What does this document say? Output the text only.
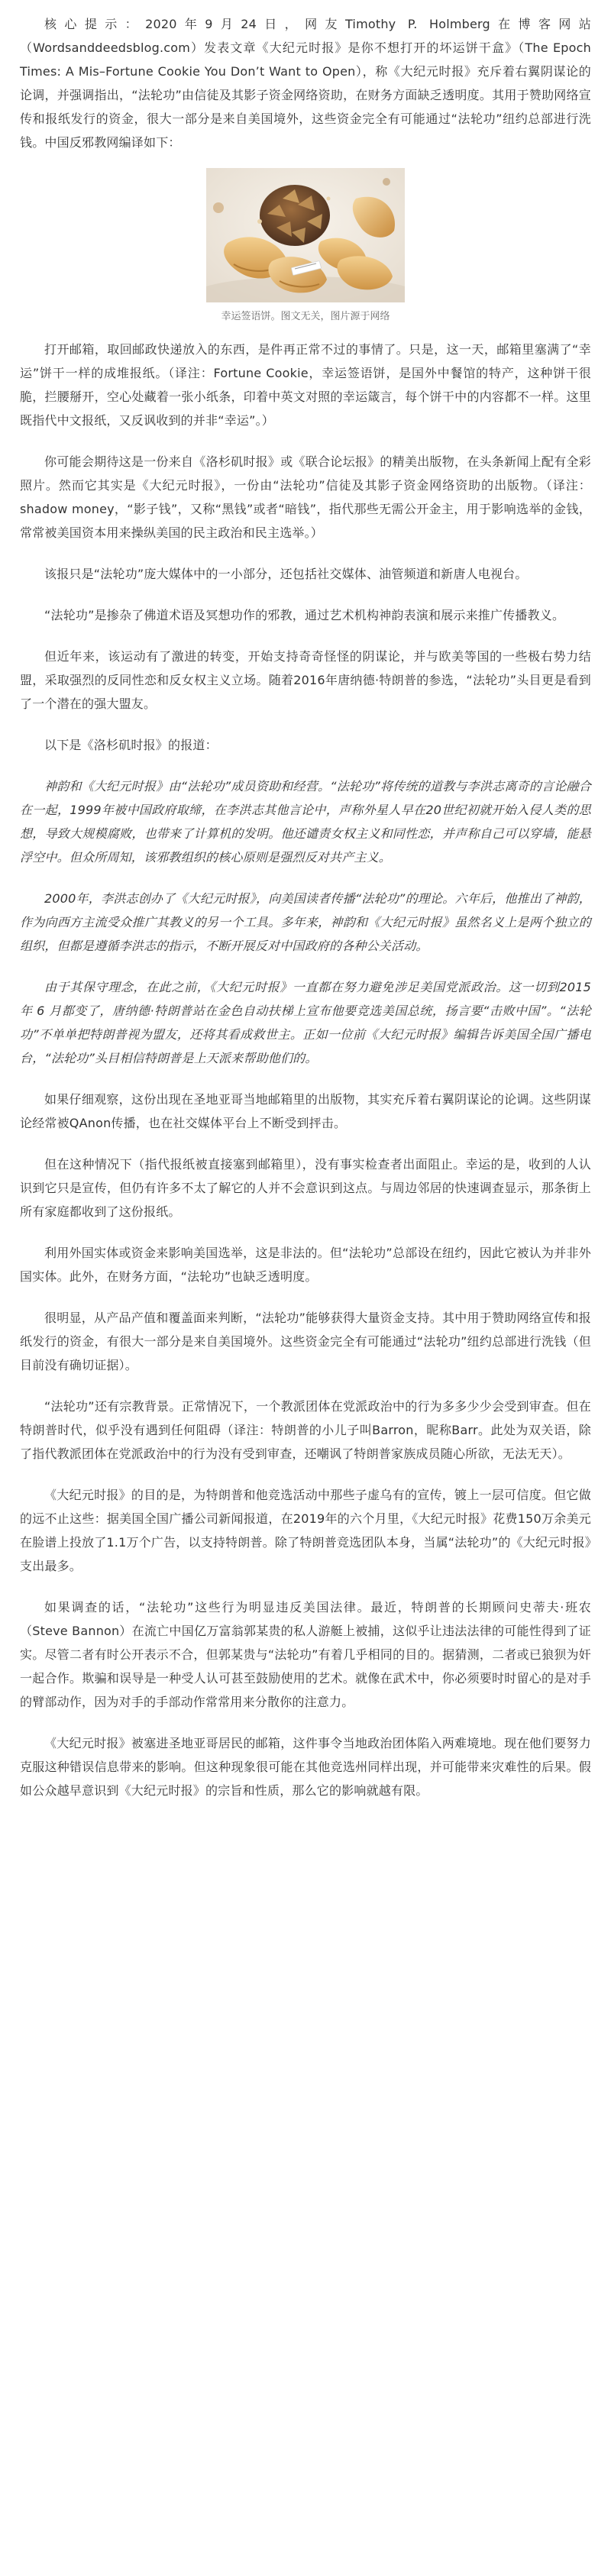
核心提示：2020年9月24日，网友Timothy P. Holmberg在博客网站（Wordsanddeedsblog.com）发表文章《大纪元时报》是你不想打开的坏运饼干盒》（The Epoch Times: A Mis–Fortune Cookie You Don’t Want to Open），称《大纪元时报》充斥着右翼阴谋论的论调，并强调指出，“法轮功”由信徒及其影子资金网络资助，在财务方面缺乏透明度。其用于赞助网络宣传和报纸发行的资金，很大一部分是来自美国境外，这些资金完全有可能通过“法轮功”纽约总部进行洗钱。中国反邪教网编译如下：

幸运签语饼。图文无关，图片源于网络

打开邮箱，取回邮政快递放入的东西，是件再正常不过的事情了。只是，这一天，邮箱里塞满了“幸运”饼干一样的成堆报纸。（译注：Fortune Cookie，幸运签语饼，是国外中餐馆的特产，这种饼干很脆，拦腰掰开，空心处藏着一张小纸条，印着中英文对照的幸运箴言，每个饼干中的内容都不一样。这里既指代中文报纸，又反讽收到的并非“幸运”。）

你可能会期待这是一份来自《洛杉矶时报》或《联合论坛报》的精美出版物，在头条新闻上配有全彩照片。然而它其实是《大纪元时报》，一份由“法轮功”信徒及其影子资金网络资助的出版物。（译注：shadow money，“影子钱”，又称“黑钱”或者“暗钱”，指代那些无需公开金主，用于影响选举的金钱，常常被美国资本用来操纵美国的民主政治和民主选举。）

该报只是“法轮功”庞大媒体中的一小部分，还包括社交媒体、油管频道和新唐人电视台。

“法轮功”是掺杂了佛道术语及冥想功作的邪教，通过艺术机构神韵表演和展示来推广传播教义。

但近年来，该运动有了激进的转变，开始支持奇奇怪怪的阴谋论，并与欧美等国的一些极右势力结盟，采取强烈的反同性恋和反女权主义立场。随着2016年唐纳德·特朗普的参选，“法轮功”头目更是看到了一个潜在的强大盟友。

以下是《洛杉矶时报》的报道：

神韵和《大纪元时报》由“法轮功”成员资助和经营。“法轮功”将传统的道教与李洪志离奇的言论融合在一起，1999年被中国政府取缔，在李洪志其他言论中，声称外星人早在20世纪初就开始入侵人类的思想，导致大规模腐败，也带来了计算机的发明。他还谴责女权主义和同性恋，并声称自己可以穿墙，能悬浮空中。但众所周知，该邪教组织的核心原则是强烈反对共产主义。

2000年，李洪志创办了《大纪元时报》，向美国读者传播“法轮功”的理论。六年后，他推出了神韵，作为向西方主流受众推广其教义的另一个工具。多年来，神韵和《大纪元时报》虽然名义上是两个独立的组织，但都是遵循李洪志的指示，不断开展反对中国政府的各种公关活动。

由于其保守理念，在此之前，《大纪元时报》一直都在努力避免涉足美国党派政治。这一切到2015 年 6 月都变了，唐纳德·特朗普站在金色自动扶梯上宣布他要竞选美国总统，扬言要“击败中国”。“法轮功”不单单把特朗普视为盟友，还将其看成救世主。正如一位前《大纪元时报》编辑告诉美国全国广播电台，“法轮功”头目相信特朗普是上天派来帮助他们的。

如果仔细观察，这份出现在圣地亚哥当地邮箱里的出版物，其实充斥着右翼阴谋论的论调。这些阴谋论经常被QAnon传播，也在社交媒体平台上不断受到抨击。

但在这种情况下（指代报纸被直接塞到邮箱里），没有事实检查者出面阻止。幸运的是，收到的人认识到它只是宣传，但仍有许多不太了解它的人并不会意识到这点。与周边邻居的快速调查显示，那条街上所有家庭都收到了这份报纸。

利用外国实体或资金来影响美国选举，这是非法的。但“法轮功”总部设在纽约，因此它被认为并非外国实体。此外，在财务方面，“法轮功”也缺乏透明度。

很明显，从产品产值和覆盖面来判断，“法轮功”能够获得大量资金支持。其中用于赞助网络宣传和报纸发行的资金，有很大一部分是来自美国境外。这些资金完全有可能通过“法轮功”纽约总部进行洗钱（但目前没有确切证据）。

“法轮功”还有宗教背景。正常情况下，一个教派团体在党派政治中的行为多多少少会受到审查。但在特朗普时代，似乎没有遇到任何阻碍（译注：特朗普的小儿子叫Barron，昵称Barr。此处为双关语，除了指代教派团体在党派政治中的行为没有受到审查，还嘲讽了特朗普家族成员随心所欲，无法无天）。

《大纪元时报》的目的是，为特朗普和他竞选活动中那些子虚乌有的宣传，镀上一层可信度。但它做的远不止这些：据美国全国广播公司新闻报道，在2019年的六个月里，《大纪元时报》花费150万余美元在脸谱上投放了1.1万个广告，以支持特朗普。除了特朗普竞选团队本身，当属“法轮功”的《大纪元时报》支出最多。

如果调查的话，“法轮功”这些行为明显违反美国法律。最近，特朗普的长期顾问史蒂夫·班农（Steve Bannon）在流亡中国亿万富翁郭某贵的私人游艇上被捕，这似乎让违法法律的可能性得到了证实。尽管二者有时公开表示不合，但郭某贵与“法轮功”有着几乎相同的目的。据猜测，二者或已狼狈为奸一起合作。欺骗和误导是一种受人认可甚至鼓励使用的艺术。就像在武术中，你必须要时时留心的是对手的臂部动作，因为对手的手部动作常常用来分散你的注意力。

《大纪元时报》被塞进圣地亚哥居民的邮箱，这件事令当地政治团体陷入两难境地。现在他们要努力克服这种错误信息带来的影响。但这种现象很可能在其他竞选州同样出现，并可能带来灾难性的后果。假如公众越早意识到《大纪元时报》的宗旨和性质，那么它的影响就越有限。
